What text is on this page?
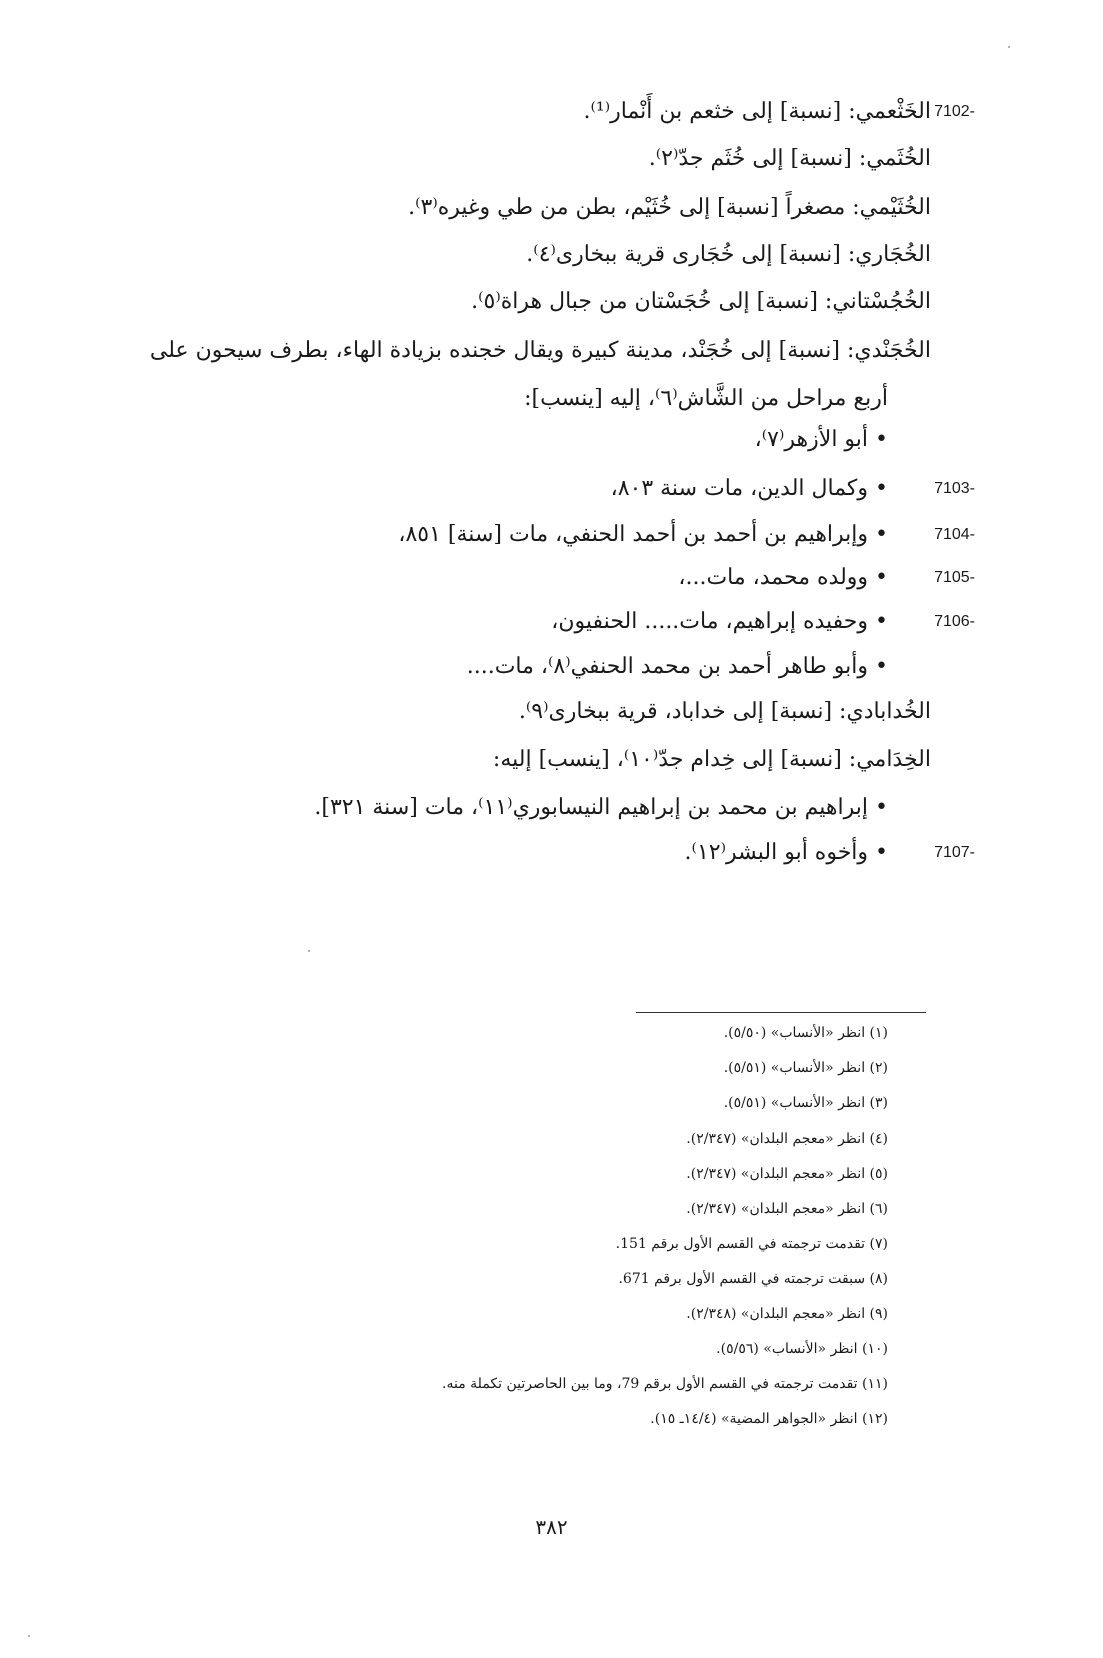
7102-
الخَثْعمي: [نسبة] إلى خثعم بن أَنْمار⁽¹⁾.
الخُثَمي: [نسبة] إلى خُثَم جدّ⁽٢⁾.
الخُثَيْمي: مصغراً [نسبة] إلى خُثَيْم، بطن من طي وغيره⁽٣⁾.
الخُجَاري: [نسبة] إلى خُجَارى قرية ببخارى⁽٤⁾.
الخُجُسْتاني: [نسبة] إلى خُجَسْتان من جبال هراة⁽٥⁾.
الخُجَنْدي: [نسبة] إلى خُجَنْد، مدينة كبيرة ويقال خجنده بزيادة الهاء، بطرف سيحون على
أربع مراحل من الشَّاش⁽٦⁾، إليه [ينسب]:
• أبو الأزهر⁽٧⁾،
7103-
• وكمال الدين، مات سنة ٨٠٣،
7104-
• وإبراهيم بن أحمد بن أحمد الحنفي، مات [سنة] ٨٥١،
7105-
• وولده محمد، مات...،
7106-
• وحفيده إبراهيم، مات..... الحنفيون،
• وأبو طاهر أحمد بن محمد الحنفي⁽٨⁾، مات....
الخُدابادي: [نسبة] إلى خداباد، قرية ببخارى⁽٩⁾.
الخِدَامي: [نسبة] إلى خِدام جدّ⁽١٠⁾، [ينسب] إليه:
• إبراهيم بن محمد بن إبراهيم النيسابوري⁽١١⁾، مات [سنة ٣٢١].
7107-
• وأخوه أبو البشر⁽١٢⁾.
(١) انظر «الأنساب» (٥/٥٠).
(٢) انظر «الأنساب» (٥/٥١).
(٣) انظر «الأنساب» (٥/٥١).
(٤) انظر «معجم البلدان» (٢/٣٤٧).
(٥) انظر «معجم البلدان» (٢/٣٤٧).
(٦) انظر «معجم البلدان» (٢/٣٤٧).
(٧) تقدمت ترجمته في القسم الأول برقم 151.
(٨) سبقت ترجمته في القسم الأول برقم 671.
(٩) انظر «معجم البلدان» (٢/٣٤٨).
(١٠) انظر «الأنساب» (٥/٥٦).
(١١) تقدمت ترجمته في القسم الأول برقم 79، وما بين الحاصرتين تكملة منه.
(١٢) انظر «الجواهر المضية» (١٤/٤ـ ١٥).
٣٨٢
